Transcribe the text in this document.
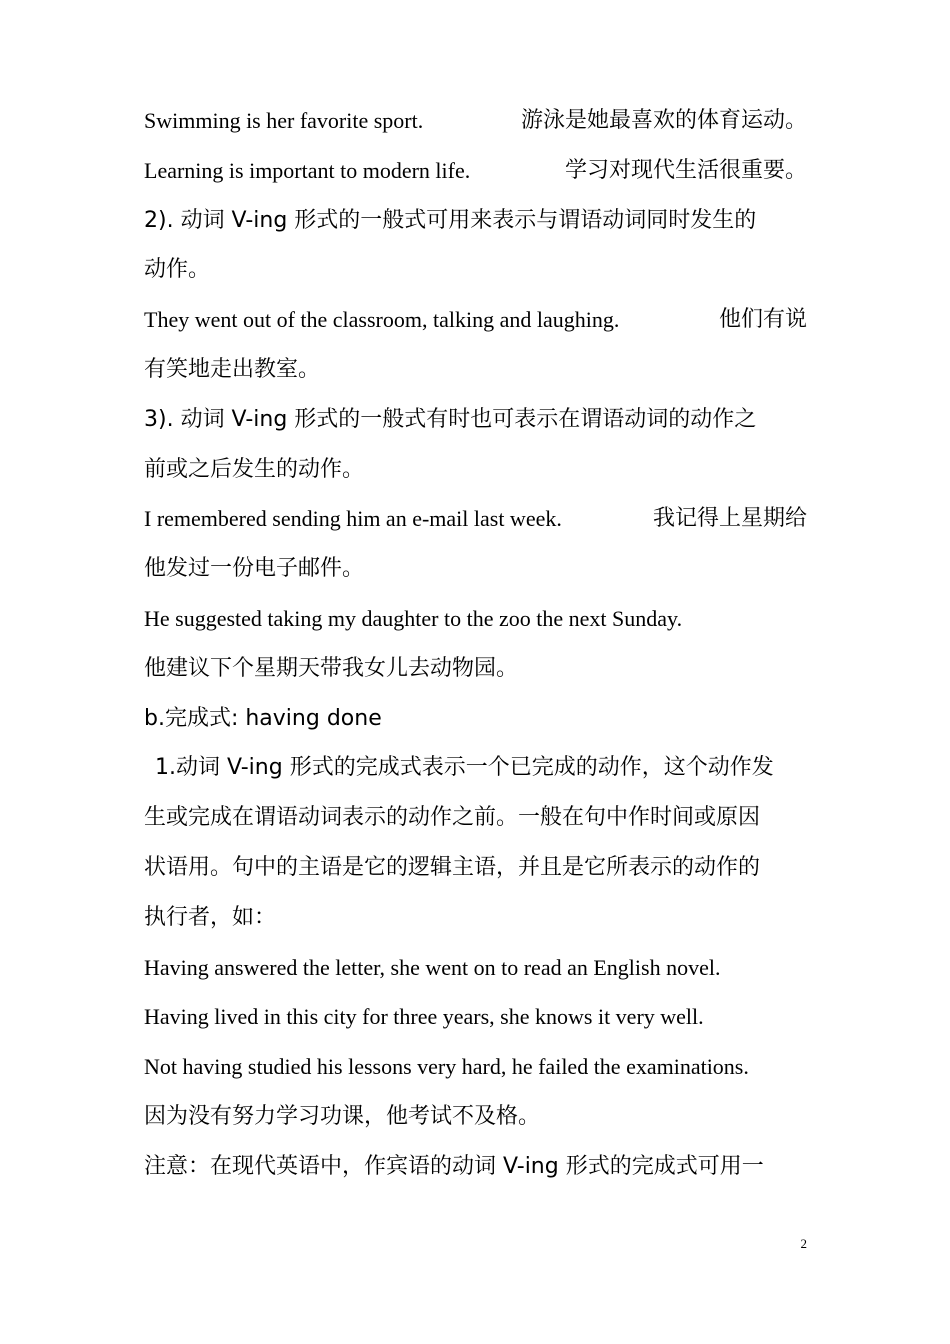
Swimming is her favorite sport.	游泳是她最喜欢的体育运动。
Learning is important to modern life.	学习对现代生活很重要。
2). 动词 V-ing 形式的一般式可用来表示与谓语动词同时发生的
动作。
They went out of the classroom, talking and laughing.	他们有说
有笑地走出教室。
3). 动词 V-ing 形式的一般式有时也可表示在谓语动词的动作之
前或之后发生的动作。
I remembered sending him an e-mail last week.	我记得上星期给
他发过一份电子邮件。
He suggested taking my daughter to the zoo the next Sunday.
他建议下个星期天带我女儿去动物园。
b.完成式: having done
1.动词 V-ing 形式的完成式表示一个已完成的动作，这个动作发
生或完成在谓语动词表示的动作之前。一般在句中作时间或原因
状语用。句中的主语是它的逻辑主语，并且是它所表示的动作的
执行者，如：
Having answered the letter, she went on to read an English novel.
Having lived in this city for three years, she knows it very well.
Not having studied his lessons very hard, he failed the examinations.
因为没有努力学习功课，他考试不及格。
注意：在现代英语中，作宾语的动词 V-ing 形式的完成式可用一
2
